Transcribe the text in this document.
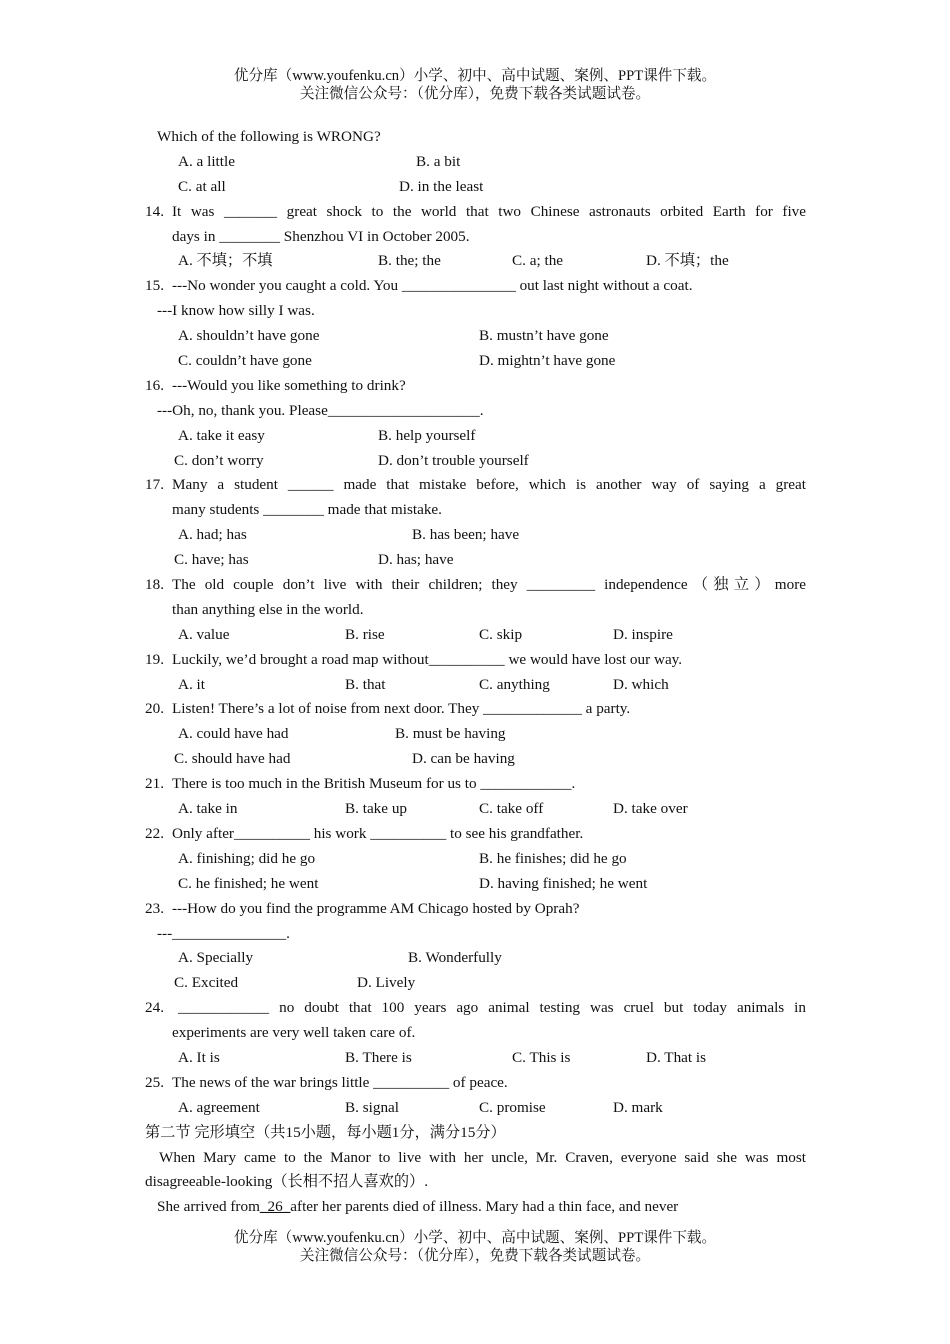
优分库（www.youfenku.cn）小学、初中、高中试题、案例、PPT课件下载。
关注微信公众号：（优分库），免费下载各类试题试卷。
Which of the following is WRONG?
A. a little	B. a bit
C. at all	D. in the least
14. It was _______ great shock to the world that two Chinese astronauts orbited Earth for five
days in ________ Shenzhou VI in October 2005.
A. 不填；不填	B. the; the	C. a; the	D. 不填；the
15. ---No wonder you caught a cold. You _______________ out last night without a coat.
---I know how silly I was.
A. shouldn’t have gone	B. mustn’t have gone
C. couldn’t have gone	D. mightn’t have gone
16. ---Would you like something to drink?
---Oh, no, thank you. Please____________________.
A. take it easy	B. help yourself
C. don’t worry	D. don’t trouble yourself
17. Many a student ______ made that mistake before, which is another way of saying a great
many students ________ made that mistake.
A. had; has	B. has been; have
C. have; has	D. has; have
18. The old couple don’t live with their children; they _________ independence（独立）more
than anything else in the world.
A. value	B. rise	C. skip	D. inspire
19. Luckily, we’d brought a road map without__________ we would have lost our way.
A. it	B. that	C. anything	D. which
20. Listen! There’s a lot of noise from next door. They _____________ a party.
A. could have had	B. must be having
C. should have had	D. can be having
21. There is too much in the British Museum for us to ____________.
A. take in	B. take up	C. take off	D. take over
22. Only after__________ his work __________ to see his grandfather.
A. finishing; did he go	B. he finishes; did he go
C. he finished; he went	D. having finished; he went
23. ---How do you find the programme AM Chicago hosted by Oprah?
---_______________.
A. Specially	B. Wonderfully
C. Excited	D. Lively
24. ____________ no doubt that 100 years ago animal testing was cruel but today animals in
experiments are very well taken care of.
A. It is	B. There is	C. This is	D. That is
25. The news of the war brings little __________ of peace.
A. agreement	B. signal	C. promise	D. mark
第二节 完形填空（共15小题，每小题1分，满分15分）
When Mary came to the Manor to live with her uncle, Mr. Craven, everyone said she was most
disagreeable-looking（长相不招人喜欢的）.
She arrived from_26_after her parents died of illness. Mary had a thin face, and never
优分库（www.youfenku.cn）小学、初中、高中试题、案例、PPT课件下载。
关注微信公众号：（优分库），免费下载各类试题试卷。
